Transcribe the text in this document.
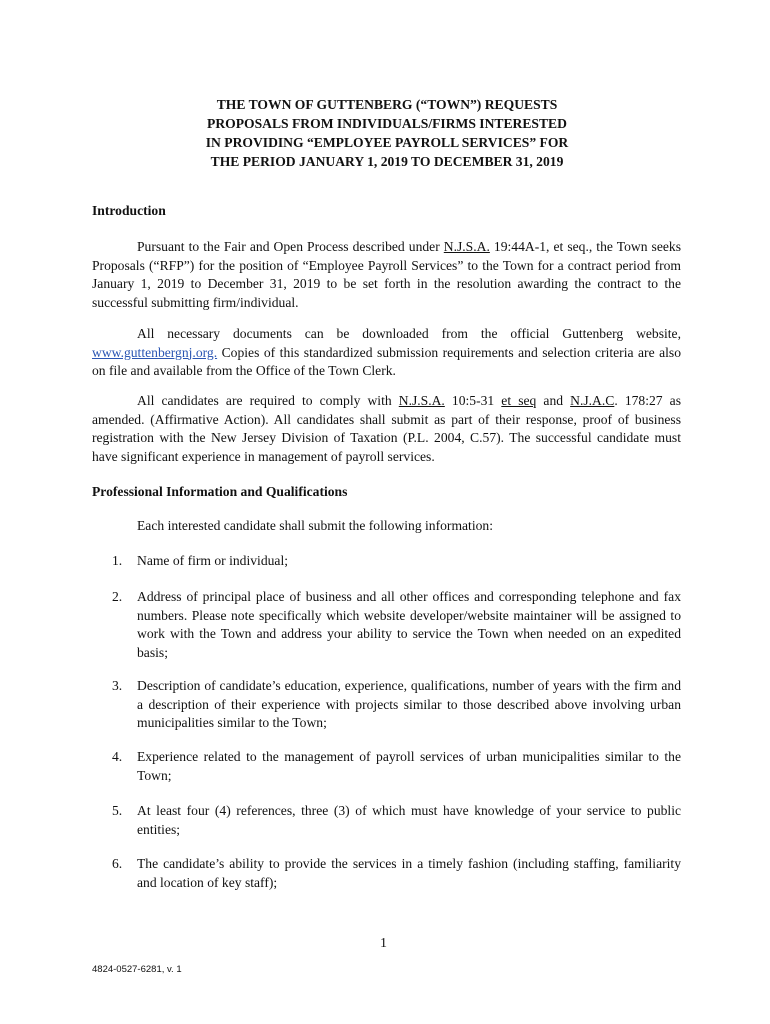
THE TOWN OF GUTTENBERG (“TOWN”) REQUESTS
PROPOSALS FROM INDIVIDUALS/FIRMS INTERESTED
IN PROVIDING “EMPLOYEE PAYROLL SERVICES” FOR
THE PERIOD JANUARY 1, 2019 TO DECEMBER 31, 2019
Introduction
Pursuant to the Fair and Open Process described under N.J.S.A. 19:44A-1, et seq., the Town seeks Proposals (“RFP”) for the position of “Employee Payroll Services” to the Town for a contract period from January 1, 2019 to December 31, 2019 to be set forth in the resolution awarding the contract to the successful submitting firm/individual.
All necessary documents can be downloaded from the official Guttenberg website, www.guttenbergnj.org. Copies of this standardized submission requirements and selection criteria are also on file and available from the Office of the Town Clerk.
All candidates are required to comply with N.J.S.A. 10:5-31 et seq and N.J.A.C. 178:27 as amended. (Affirmative Action). All candidates shall submit as part of their response, proof of business registration with the New Jersey Division of Taxation (P.L. 2004, C.57). The successful candidate must have significant experience in management of payroll services.
Professional Information and Qualifications
Each interested candidate shall submit the following information:
1. Name of firm or individual;
2. Address of principal place of business and all other offices and corresponding telephone and fax numbers. Please note specifically which website developer/website maintainer will be assigned to work with the Town and address your ability to service the Town when needed on an expedited basis;
3. Description of candidate’s education, experience, qualifications, number of years with the firm and a description of their experience with projects similar to those described above involving urban municipalities similar to the Town;
4. Experience related to the management of payroll services of urban municipalities similar to the Town;
5. At least four (4) references, three (3) of which must have knowledge of your service to public entities;
6. The candidate’s ability to provide the services in a timely fashion (including staffing, familiarity and location of key staff);
1
4824-0527-6281, v. 1
